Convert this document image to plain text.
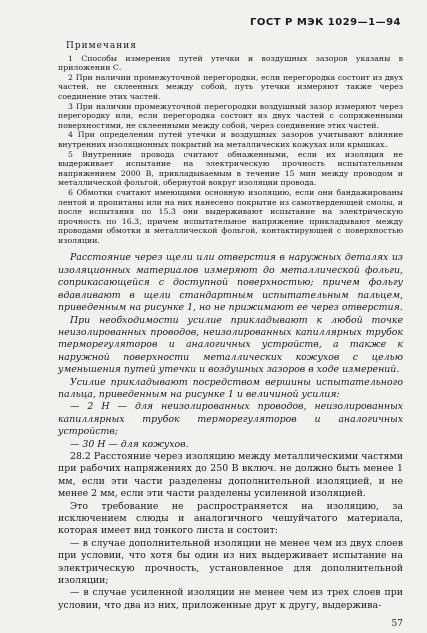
ГОСТ Р МЭК 1029—1—94
Примечания

1 Способы измерения путей утечки и воздушных зазоров указаны в приложении С.

2 При наличии промежуточной перегородки, если перегородка состоит из двух частей, не склеенных между собой, путь утечки измеряют также через соединение этих частей.

3 При наличии промежуточной перегородки воздушный зазор измеряют через перегородку или, если перегородка состоит из двух частей с сопряженными поверхностями, не склеенными между собой, через соединение этих частей.

4 При определении путей утечки и воздушных зазоров учитывают влияние внутренних изоляционных покрытий на металлических кожухах или крышках.

5 Внутренние провода считают обнаженными, если их изоляция не выдерживает испытание на электрическую прочность испытательным напряжением 2000 В, прикладываемым в течение 15 мин между проводом и металлической фольгой, обернутой вокруг изоляции провода.

6 Обмотки считают имеющими основную изоляцию, если они бандажированы лентой и пропитаны или на них нанесено покрытие из самотвердеющей смолы, и после испытания по 15.3 они выдерживают испытание на электрическую прочность по 16.3, причем испытательное напряжение прикладывают между проводами обмотки и металлической фольгой, контактирующей с поверхностью изоляции.

Расстояние через щели или отверстия в наружных деталях из изоляционных материалов измеряют до металлической фольги, соприкасающейся с доступной поверхностью; причем фольгу вдавливают в щели стандартным испытательным пальцем, приведенным на рисунке 1, но не прижимают ее через отверстия.

При необходимости усилие прикладывают к любой точке неизолированных проводов, неизолированных капиллярных трубок терморегуляторов и аналогичных устройств, а также к наружной поверхности металлических кожухов с целью уменьшения путей утечки и воздушных зазоров в ходе измерений.

Усилие прикладывают посредством вершины испытательного пальца, приведенным на рисунке 1 и величиной усилия:

— 2 Н — для неизолированных проводов, неизолированных капиллярных трубок терморегуляторов и аналогичных устройств;

— 30 Н — для кожухов.

28.2 Расстояние через изоляцию между металлическими частями при рабочих напряжениях до 250 В включ. не должно быть менее 1 мм, если эти части разделены дополнительной изоляцией, и не менее 2 мм, если эти части разделены усиленной изоляцией.

Это требование не распространяется на изоляцию, за исключением слюды и аналогичного чешуйчатого материала, которая имеет вид тонкого листа и состоит:

— в случае дополнительной изоляции не менее чем из двух слоев при условии, что хотя бы один из них выдерживает испытание на электрическую прочность, установленное для дополнительной изоляции;

— в случае усиленной изоляции не менее чем из трех слоев при условии, что два из них, приложенные друг к другу, выдержива-

57
